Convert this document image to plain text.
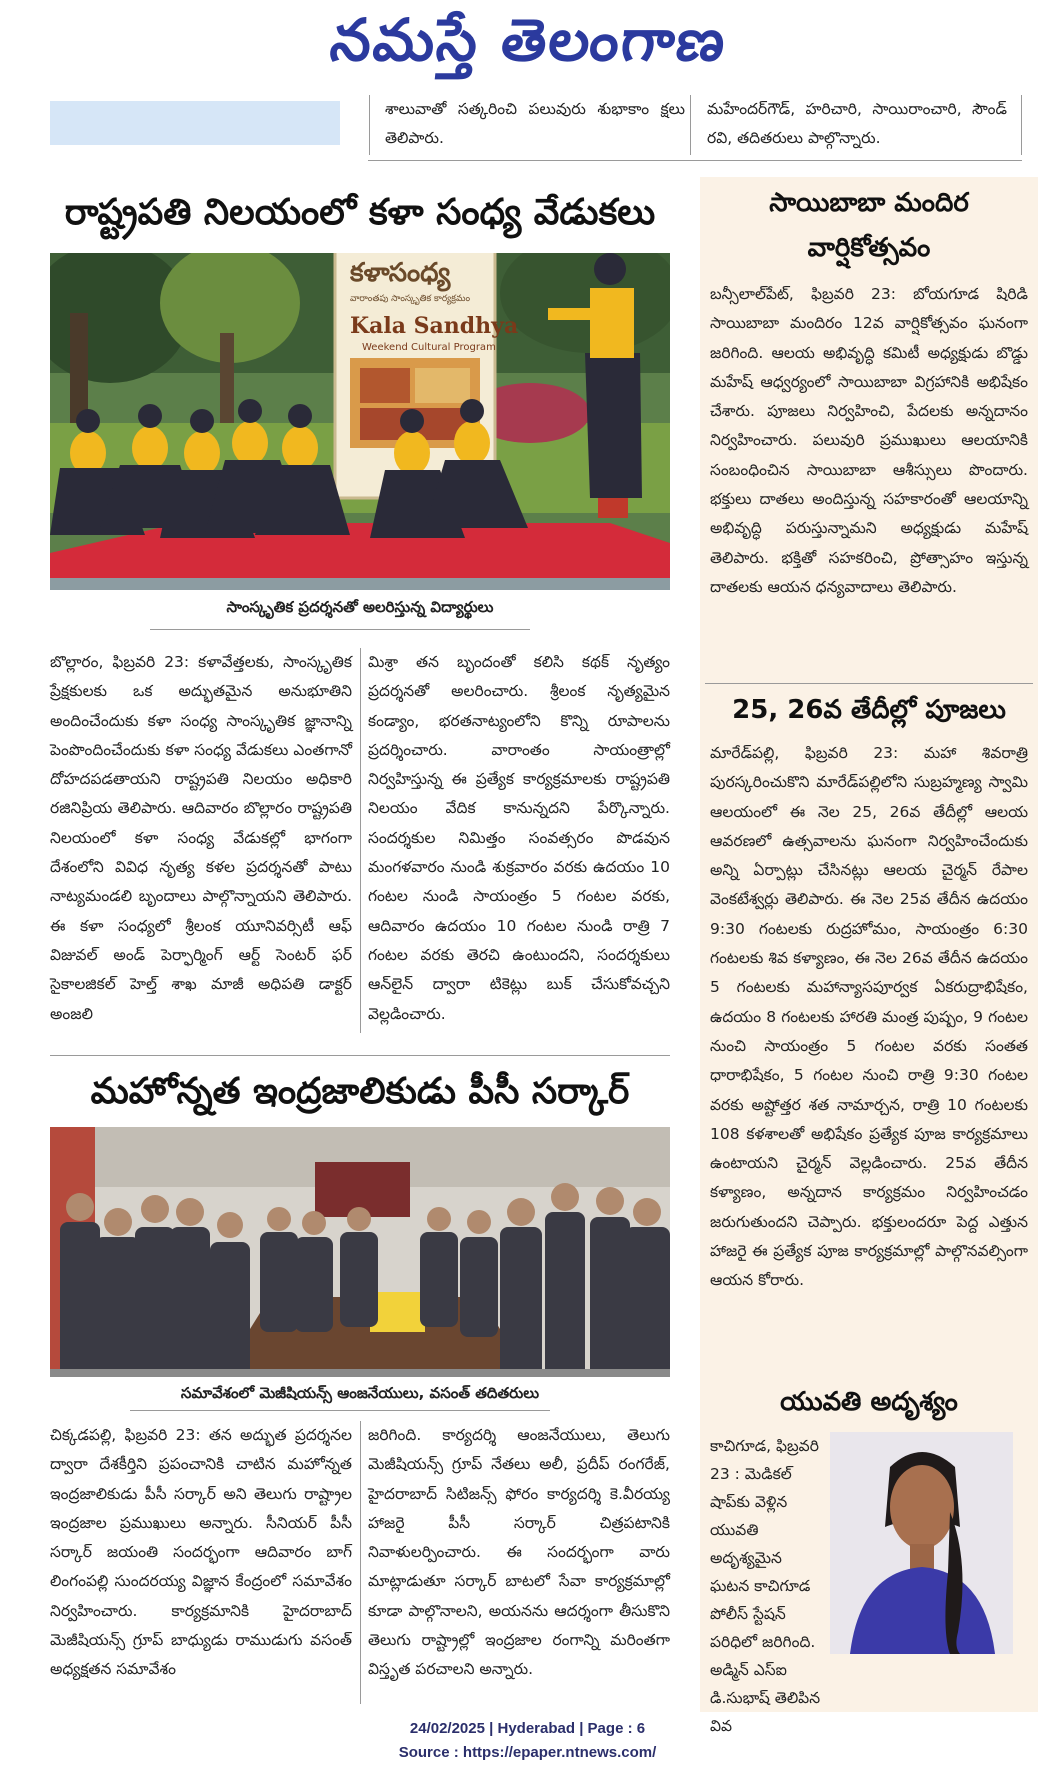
నమస్తే తెలంగాణ

శాలువాతో సత్కరించి పలువురు శుభాకాం క్షలు తెలిపారు.

మహేందర్‌గౌడ్, హరిచారి, సాయిరాంచారి, సౌండ్ రవి, తదితరులు పాల్గొన్నారు.

రాష్ట్రపతి నిలయంలో కళా సంధ్య వేడుకలు
కళాసంధ్య
వారాంతపు సాంస్కృతిక కార్యక్రమం
Kala Sandhya
Weekend Cultural Program
సాంస్కృతిక ప్రదర్శనతో అలరిస్తున్న విద్యార్థులు

బొల్లారం, ఫిబ్రవరి 23: కళావేత్తలకు, సాంస్కృతిక ప్రేక్షకులకు ఒక అద్భుతమైన అనుభూతిని అందించేందుకు కళా సంధ్య సాంస్కృతిక జ్ఞానాన్ని పెంపొందించేందుకు కళా సంధ్య వేడుకలు ఎంతగానో దోహదపడతాయని రాష్ట్రపతి నిలయం అధికారి రజినిప్రియ తెలిపారు. ఆదివారం బొల్లారం రాష్ట్రపతి నిలయంలో కళా సంధ్య వేడుకల్లో భాగంగా దేశంలోని వివిధ నృత్య కళల ప్రదర్శనతో పాటు నాట్యమండలి బృందాలు పాల్గొన్నాయని తెలిపారు. ఈ కళా సంధ్యలో శ్రీలంక యూనివర్సిటీ ఆఫ్ విజువల్ అండ్ పెర్ఫార్మింగ్ ఆర్ట్ సెంటర్ ఫర్ సైకాలజికల్ హెల్త్ శాఖ మాజీ అధిపతి డాక్టర్ అంజలి

మిశ్రా తన బృందంతో కలిసి కథక్ నృత్యం ప్రదర్శనతో అలరించారు. శ్రీలంక నృత్యమైన కండ్యాం, భరతనాట్యంలోని కొన్ని రూపాలను ప్రదర్శించారు. వారాంతం సాయంత్రాల్లో నిర్వహిస్తున్న ఈ ప్రత్యేక కార్యక్రమాలకు రాష్ట్రపతి నిలయం వేదిక కానున్నదని పేర్కొన్నారు. సందర్శకుల నిమిత్తం సంవత్సరం పొడవున మంగళవారం నుండి శుక్రవారం వరకు ఉదయం 10 గంటల నుండి సాయంత్రం 5 గంటల వరకు, ఆదివారం ఉదయం 10 గంటల నుండి రాత్రి 7 గంటల వరకు తెరచి ఉంటుందని, సందర్శకులు ఆన్‌లైన్ ద్వారా టికెట్లు బుక్ చేసుకోవచ్చని వెల్లడించారు.

మహోన్నత ఇంద్రజాలికుడు పీసీ సర్కార్
సమావేశంలో మెజీషియన్స్ ఆంజనేయులు, వసంత్ తదితరులు

చిక్కడపల్లి, ఫిబ్రవరి 23: తన అద్భుత ప్రదర్శనల ద్వారా దేశకీర్తిని ప్రపంచానికి చాటిన మహోన్నత ఇంద్రజాలికుడు పీసీ సర్కార్ అని తెలుగు రాష్ట్రాల ఇంద్రజాల ప్రముఖులు అన్నారు. సీనియర్ పీసీ సర్కార్ జయంతి సందర్భంగా ఆదివారం బాగ్ లింగంపల్లి సుందరయ్య విజ్ఞాన కేంద్రంలో సమావేశం నిర్వహించారు. కార్యక్రమానికి హైదరాబాద్ మెజీషియన్స్ గ్రూప్ బాధ్యుడు రాముడుగు వసంత్ అధ్యక్షతన సమావేశం

జరిగింది. కార్యదర్శి ఆంజనేయులు, తెలుగు మెజీషియన్స్ గ్రూప్ నేతలు అలీ, ప్రదీప్ రంగరేజ్, హైదరాబాద్ సిటిజన్స్ ఫోరం కార్యదర్శి కె.వీరయ్య హాజరై పీసీ సర్కార్ చిత్రపటానికి నివాళులర్పించారు. ఈ సందర్భంగా వారు మాట్లాడుతూ సర్కార్ బాటలో సేవా కార్యక్రమాల్లో కూడా పాల్గొనాలని, అయనను ఆదర్శంగా తీసుకొని తెలుగు రాష్ట్రాల్లో ఇంద్రజాల రంగాన్ని మరింతగా విస్తృత పరచాలని అన్నారు.

సాయిబాబా మందిర
వార్షికోత్సవం

బన్సీలాల్‌పేట్, ఫిబ్రవరి 23: బోయగూడ షిరిడి సాయిబాబా మందిరం 12వ వార్షికోత్సవం ఘనంగా జరిగింది. ఆలయ అభివృద్ధి కమిటీ అధ్యక్షుడు బొడ్డు మహేష్ ఆధ్వర్యంలో సాయిబాబా విగ్రహానికి అభిషేకం చేశారు. పూజలు నిర్వహించి, పేదలకు అన్నదానం నిర్వహించారు. పలువురి ప్రముఖులు ఆలయానికి సంబంధించిన సాయిబాబా ఆశీస్సులు పొందారు. భక్తులు దాతలు అందిస్తున్న సహకారంతో ఆలయాన్ని అభివృద్ధి పరుస్తున్నామని అధ్యక్షుడు మహేష్ తెలిపారు. భక్తితో సహకరించి, ప్రోత్సాహం ఇస్తున్న దాతలకు ఆయన ధన్యవాదాలు తెలిపారు.

25, 26వ తేదీల్లో పూజలు

మారేడ్‌పల్లి, ఫిబ్రవరి 23: మహా శివరాత్రి పురస్కరించుకొని మారేడ్‌పల్లిలోని సుబ్రహ్మణ్య స్వామి ఆలయంలో ఈ నెల 25, 26వ తేదీల్లో ఆలయ ఆవరణలో ఉత్సవాలను ఘనంగా నిర్వహించేందుకు అన్ని ఏర్పాట్లు చేసినట్లు ఆలయ చైర్మన్ రేపాల వెంకటేశ్వర్లు తెలిపారు. ఈ నెల 25వ తేదీన ఉదయం 9:30 గంటలకు రుద్రహోమం, సాయంత్రం 6:30 గంటలకు శివ కళ్యాణం, ఈ నెల 26వ తేదీన ఉదయం 5 గంటలకు మహాన్యాసపూర్వక ఏకరుద్రాభిషేకం, ఉదయం 8 గంటలకు హారతి మంత్ర పుష్పం, 9 గంటల నుంచి సాయంత్రం 5 గంటల వరకు సంతత ధారాభిషేకం, 5 గంటల నుంచి రాత్రి 9:30 గంటల వరకు అష్టోత్తర శత నామార్చన, రాత్రి 10 గంటలకు 108 కళశాలతో అభిషేకం ప్రత్యేక పూజ కార్యక్రమాలు ఉంటాయని చైర్మన్ వెల్లడించారు. 25వ తేదీన కళ్యాణం, అన్నదాన కార్యక్రమం నిర్వహించడం జరుగుతుందని చెప్పారు. భక్తులందరూ పెద్ద ఎత్తున హాజరై ఈ ప్రత్యేక పూజ కార్యక్రమాల్లో పాల్గొనవల్సింగా ఆయన కోరారు.

యువతి అదృశ్యం

కాచిగూడ, ఫిబ్రవరి 23 : మెడికల్ షాప్‌కు వెళ్లిన యువతి అదృశ్యమైన ఘటన కాచిగూడ పోలీస్ స్టేషన్ పరిధిలో జరిగింది. అడ్మిన్ ఎస్ఐ డి.సుభాష్ తెలిపిన వివ

24/02/2025 | Hyderabad | Page : 6
Source : https://epaper.ntnews.com/
